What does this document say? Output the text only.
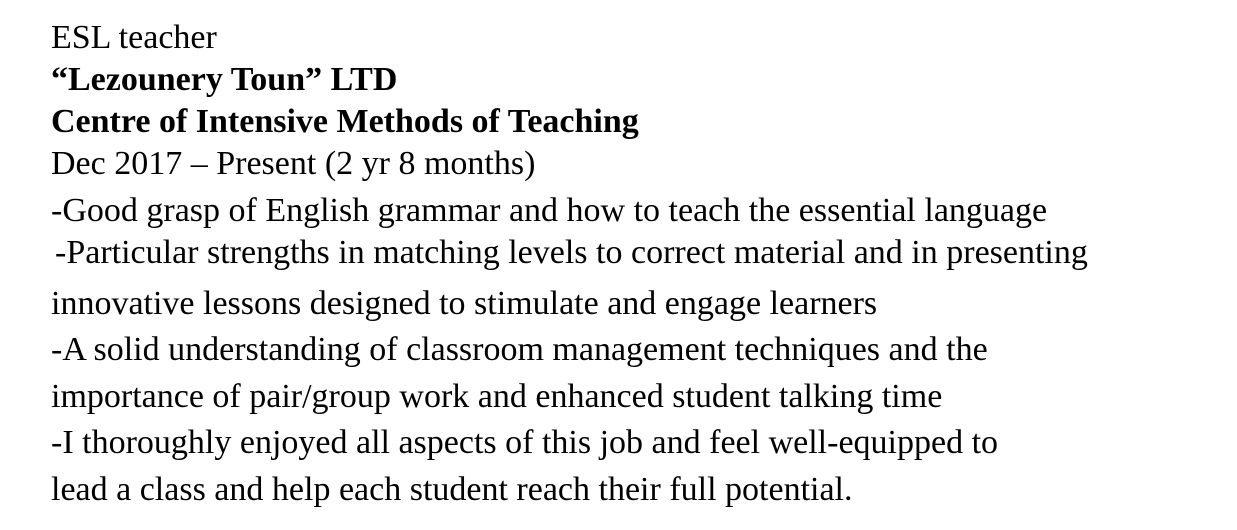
ESL teacher
“Lezounery Toun” LTD
Centre of Intensive Methods of Teaching
Dec 2017 – Present (2 yr 8 months)
-Good grasp of English grammar and how to teach the essential language
-Particular strengths in matching levels to correct material and in presenting
innovative lessons designed to stimulate and engage learners
-A solid understanding of classroom management techniques and the
importance of pair/group work and enhanced student talking time
-I thoroughly enjoyed all aspects of this job and feel well-equipped to
lead a class and help each student reach their full potential.
